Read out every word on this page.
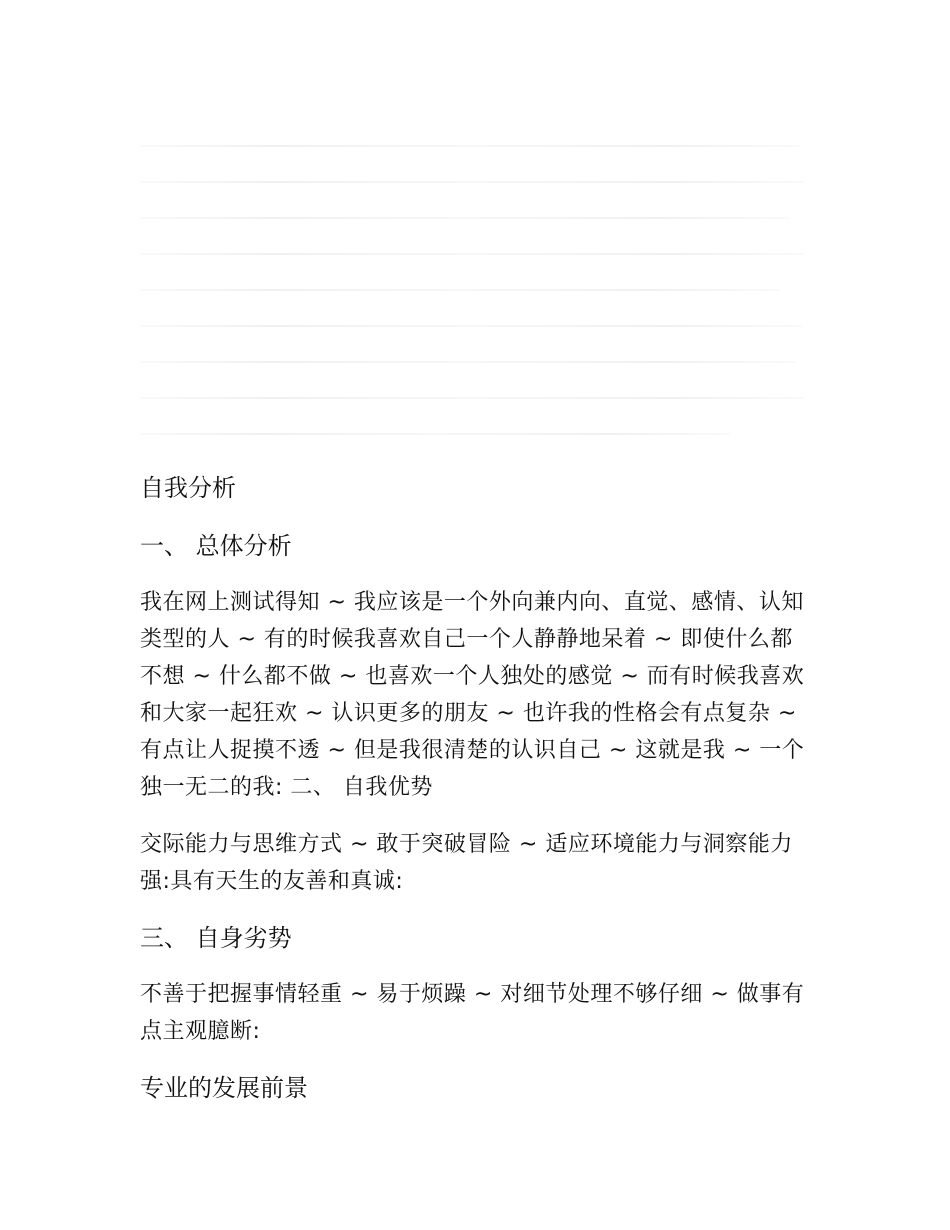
自我分析
一、 总体分析

我在网上测试得知 ~ 我应该是一个外向兼内向、直觉、感情、认知类型的人 ~ 有的时候我喜欢自己一个人静静地呆着 ~ 即使什么都不想 ~ 什么都不做 ~ 也喜欢一个人独处的感觉 ~ 而有时候我喜欢和大家一起狂欢 ~ 认识更多的朋友 ~ 也许我的性格会有点复杂 ~ 有点让人捉摸不透 ~ 但是我很清楚的认识自己 ~ 这就是我 ~ 一个独一无二的我: 二、 自我优势

交际能力与思维方式 ~ 敢于突破冒险 ~ 适应环境能力与洞察能力强:具有天生的友善和真诚:

三、 自身劣势

不善于把握事情轻重 ~ 易于烦躁 ~ 对细节处理不够仔细 ~ 做事有点主观臆断:

专业的发展前景
